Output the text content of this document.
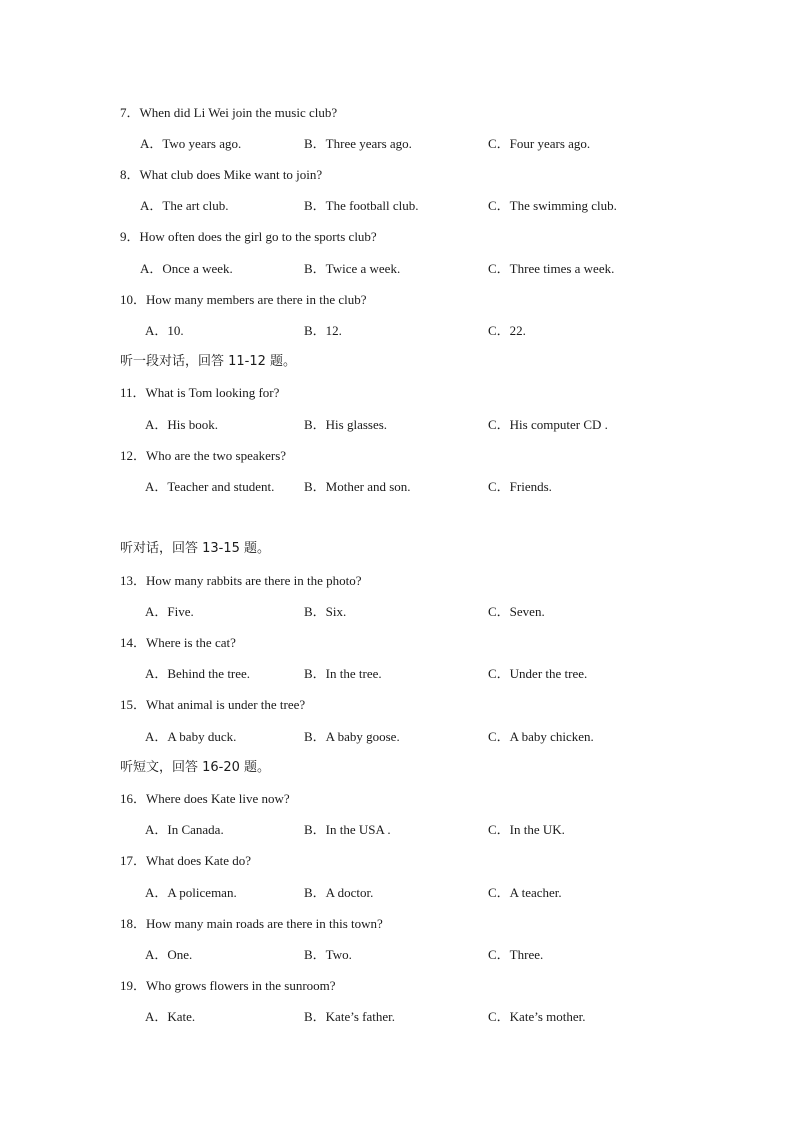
7．When did Li Wei join the music club?
A．Two years ago.	B．Three years ago.	C．Four years ago.
8．What club does Mike want to join?
A．The art club.	B．The football club.	C．The swimming club.
9．How often does the girl go to the sports club?
A．Once a week.	B．Twice a week.	C．Three times a week.
10．How many members are there in the club?
A．10.	B．12.	C．22.
听一段对话，回答 11-12 题。
11．What is Tom looking for?
A．His book.	B．His glasses.	C．His computer CD .
12．Who are the two speakers?
A．Teacher and student. B．Mother and son.	C．Friends.
听对话，回答 13-15 题。
13．How many rabbits are there in the photo?
A．Five.	B．Six.	C．Seven.
14．Where is the cat?
A．Behind the tree.	B．In the tree.	C．Under the tree.
15．What animal is under the tree?
A．A baby duck.	B．A baby goose.	C．A baby chicken.
听短文，回答 16-20 题。
16．Where does Kate live now?
A．In Canada.	B．In the USA .	C．In the UK.
17．What does Kate do?
A．A policeman.	B．A doctor.	C．A teacher.
18．How many main roads are there in this town?
A．One.	B．Two.	C．Three.
19．Who grows flowers in the sunroom?
A．Kate.	B．Kate’s father.	C．Kate’s mother.
